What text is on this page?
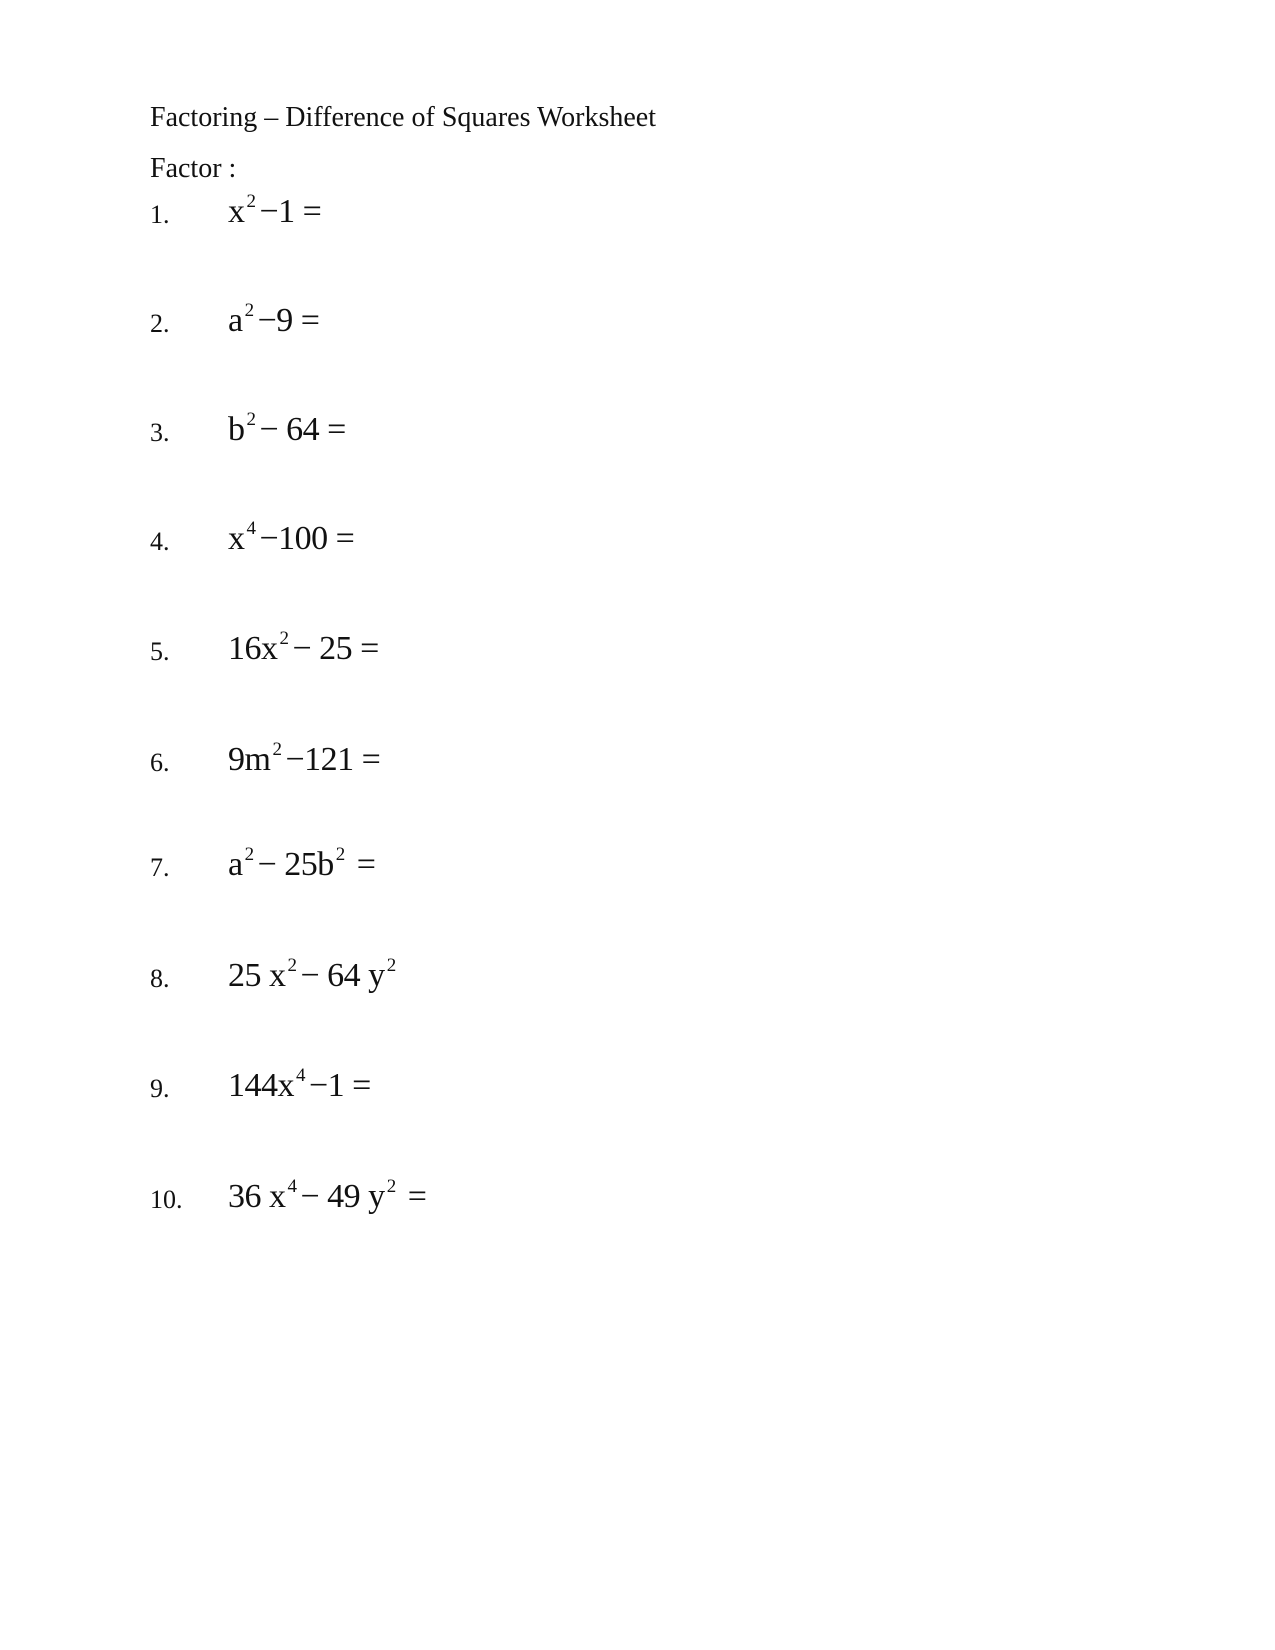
Factoring – Difference of Squares Worksheet
Factor :
1. x $^2$ −1 =
2. a $^2$ −9 =
3. b $^2$ − 64 =
4. x $^4$ −100 =
5. 16x $^2$ − 25 =
6. 9m $^2$ −121 =
7. a $^2$ − 25b $^2$ =
8. 25 x $^2$ − 64 y $^2$
9. 144x $^4$ −1 =
10. 36 x $^4$ − 49 y $^2$ =
